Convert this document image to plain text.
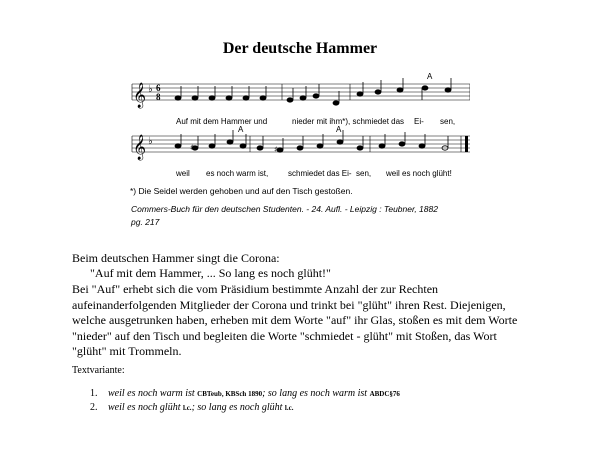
Der deutsche Hammer
𝄞
𝄞
♭
♭
6
8
A
A	A
♯	♯
Auf mit dem Hammer und	nieder mit ihm*), schmiedet das Ei- sen,
weil es noch warm ist, schmiedet das Ei- sen, weil es noch glüht!
*) Die Seidel werden gehoben und auf den Tisch gestoßen.
Commers-Buch für den deutschen Studenten. - 24. Aufl. - Leipzig : Teubner, 1882
pg. 217
Beim deutschen Hammer singt die Corona:
"Auf mit dem Hammer, ... So lang es noch glüht!"
Bei "Auf" erhebt sich die vom Präsidium bestimmte Anzahl der zur Rechten aufeinanderfolgenden Mitglieder der Corona und trinkt bei "glüht" ihren Rest. Diejenigen, welche ausgetrunken haben, erheben mit dem Worte "auf" ihr Glas, stoßen es mit dem Worte "nieder" auf den Tisch und begleiten die Worte "schmiedet - glüht" mit Stoßen, das Wort "glüht" mit Trommeln.
Textvariante:
1. weil es noch warm ist CBTeub, KBSch 1890; so lang es noch warm ist ABDC§76
2. weil es noch glüht l.c.; so lang es noch glüht l.c.
